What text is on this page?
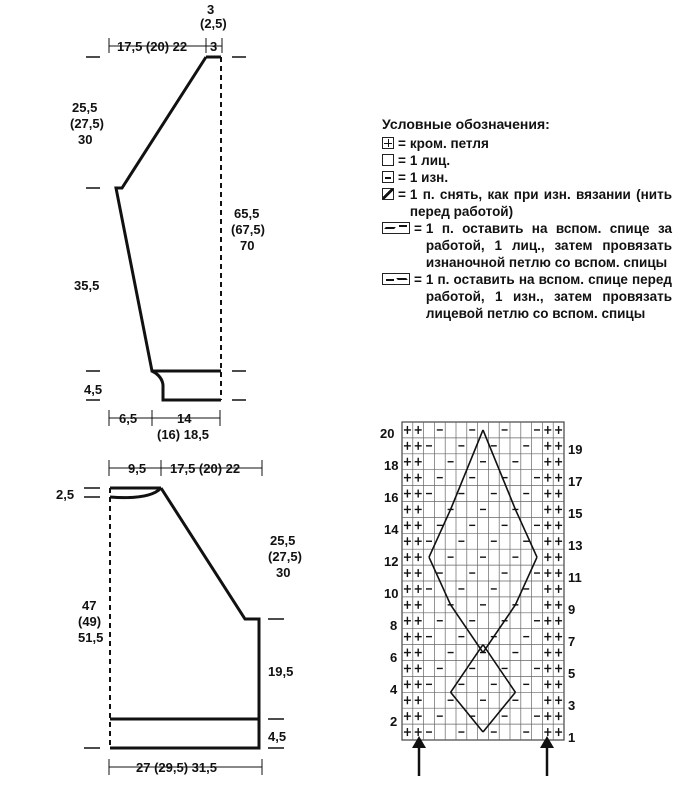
17,5 (20) 22
3
(2,5)
3
25,5
(27,5)
30
35,5
4,5
65,5
(67,5)
70
6,5	14
(16) 18,5
9,5 17,5 (20) 22
2,5
47
(49)
51,5
25,5
(27,5)
30
19,5
4,5
27 (29,5) 31,5
20
18
16
14
12
10
8
6
4
2
19
17
15
13
11
9
7
5
3
1
Условные обозначения:
= кром. петля
= 1 лиц.
= 1 изн.
= 1 п. снять, как при изн. вязании (нить перед работой)
= 1 п. оставить на вспом. спице за работой, 1 лиц., затем провязать изнаночной петлю со вспом. спицы
= 1 п. оставить на вспом. спице перед работой, 1 изн., затем провязать лицевой петлю со вспом. спицы
